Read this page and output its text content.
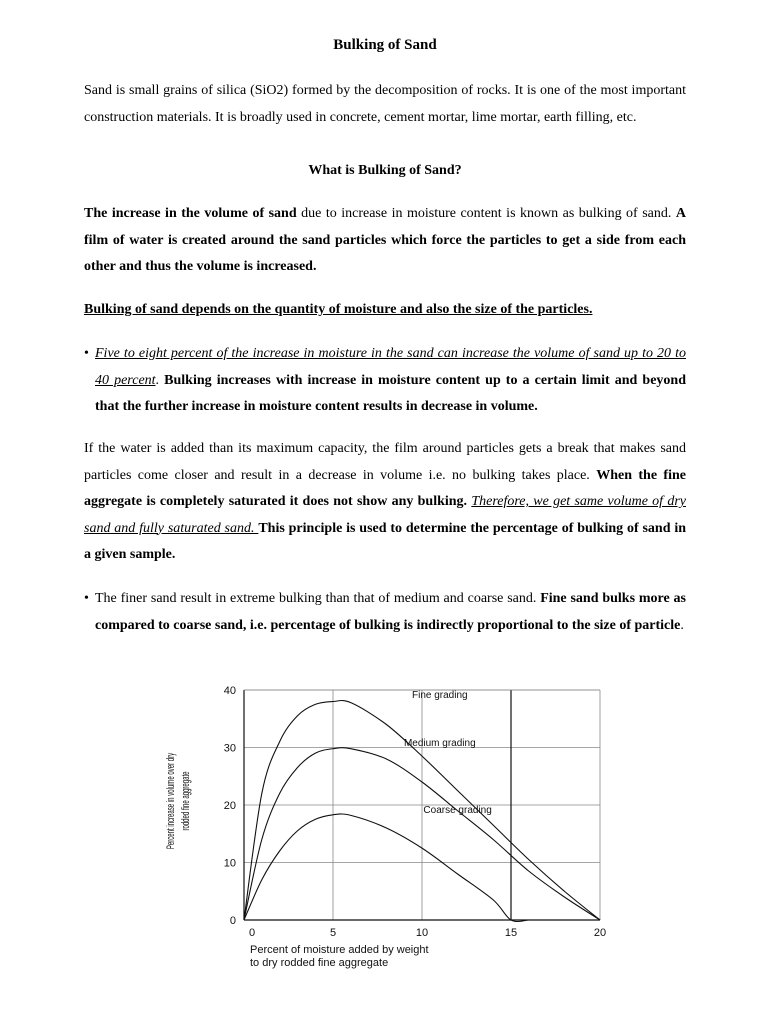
Bulking of Sand
Sand is small grains of silica (SiO2) formed by the decomposition of rocks. It is one of the most important construction materials. It is broadly used in concrete, cement mortar, lime mortar, earth filling, etc.
What is Bulking of Sand?
The increase in the volume of sand due to increase in moisture content is known as bulking of sand. A film of water is created around the sand particles which force the particles to get a side from each other and thus the volume is increased.
Bulking of sand depends on the quantity of moisture and also the size of the particles.
• Five to eight percent of the increase in moisture in the sand can increase the volume of sand up to 20 to 40 percent. Bulking increases with increase in moisture content up to a certain limit and beyond that the further increase in moisture content results in decrease in volume.
If the water is added than its maximum capacity, the film around particles gets a break that makes sand particles come closer and result in a decrease in volume i.e. no bulking takes place. When the fine aggregate is completely saturated it does not show any bulking. Therefore, we get same volume of dry sand and fully saturated sand. This principle is used to determine the percentage of bulking of sand in a given sample.
• The finer sand result in extreme bulking than that of medium and coarse sand. Fine sand bulks more as compared to coarse sand, i.e. percentage of bulking is indirectly proportional to the size of particle.
Percent increase in volume over dry rodded fine aggregate
0
10
20
30
40
0	5	10	15	20
Fine grading
Medium grading
Coarse grading
Percent of moisture added by weight
to dry rodded fine aggregate
